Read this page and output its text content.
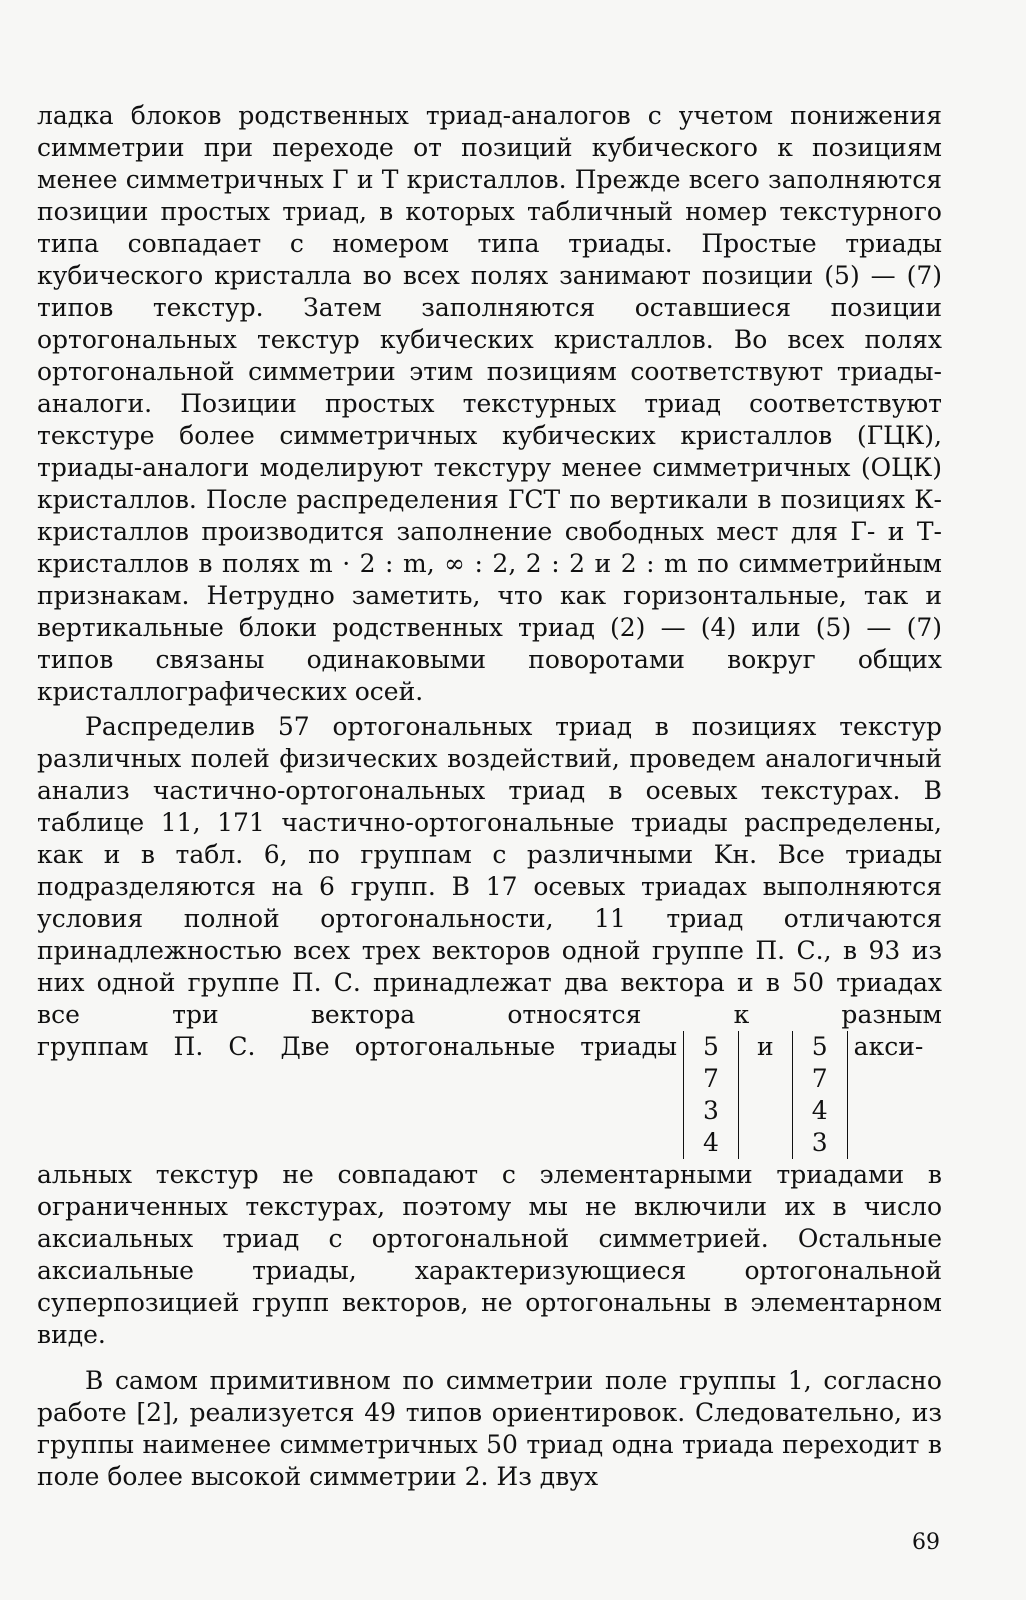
ладка блоков родственных триад-аналогов с учетом понижения симметрии при переходе от позиций кубического к позициям менее симметричных Г и Т кристаллов. Прежде всего заполняются позиции простых триад, в которых табличный номер текстурного типа совпадает с номером типа триады. Простые триады кубического кристалла во всех полях занимают позиции (5) — (7) типов текстур. Затем заполняются оставшиеся позиции ортогональных текстур кубических кристаллов. Во всех полях ортогональной симметрии этим позициям соответствуют триады-аналоги. Позиции простых текстурных триад соответствуют текстуре более симметричных кубических кристаллов (ГЦК), триады-аналоги моделируют текстуру менее симметричных (ОЦК) кристаллов. После распределения ГСТ по вертикали в позициях К-кристаллов производится заполнение свободных мест для Г- и Т-кристаллов в полях m · 2 : m, ∞ : 2, 2 : 2 и 2 : m по симметрийным признакам. Нетрудно заметить, что как горизонтальные, так и вертикальные блоки родственных триад (2) — (4) или (5) — (7) типов связаны одинаковыми поворотами вокруг общих кристаллографических осей.

Распределив 57 ортогональных триад в позициях текстур различных полей физических воздействий, проведем аналогичный анализ частично-ортогональных триад в осевых текстурах. В таблице 11, 171 частично-ортогональные триады распределены, как и в табл. 6, по группам с различными Kн. Все триады подразделяются на 6 групп. В 17 осевых триадах выполняются условия полной ортогональности, 11 триад отличаются принадлежностью всех трех векторов одной группе П. С., в 93 из них одной группе П. С. принадлежат два вектора и в 50 триадах все три вектора относятся к разным

группам П. С. Две ортогональные триады	5
7
3
4
и	5
7
4
3
акси-

альных текстур не совпадают с элементарными триадами в ограниченных текстурах, поэтому мы не включили их в число аксиальных триад с ортогональной симметрией. Остальные аксиальные триады, характеризующиеся ортогональной суперпозицией групп векторов, не ортогональны в элементарном виде.

В самом примитивном по симметрии поле группы 1, согласно работе [2], реализуется 49 типов ориентировок. Следовательно, из группы наименее симметричных 50 триад одна триада переходит в поле более высокой симметрии 2. Из двух

69
